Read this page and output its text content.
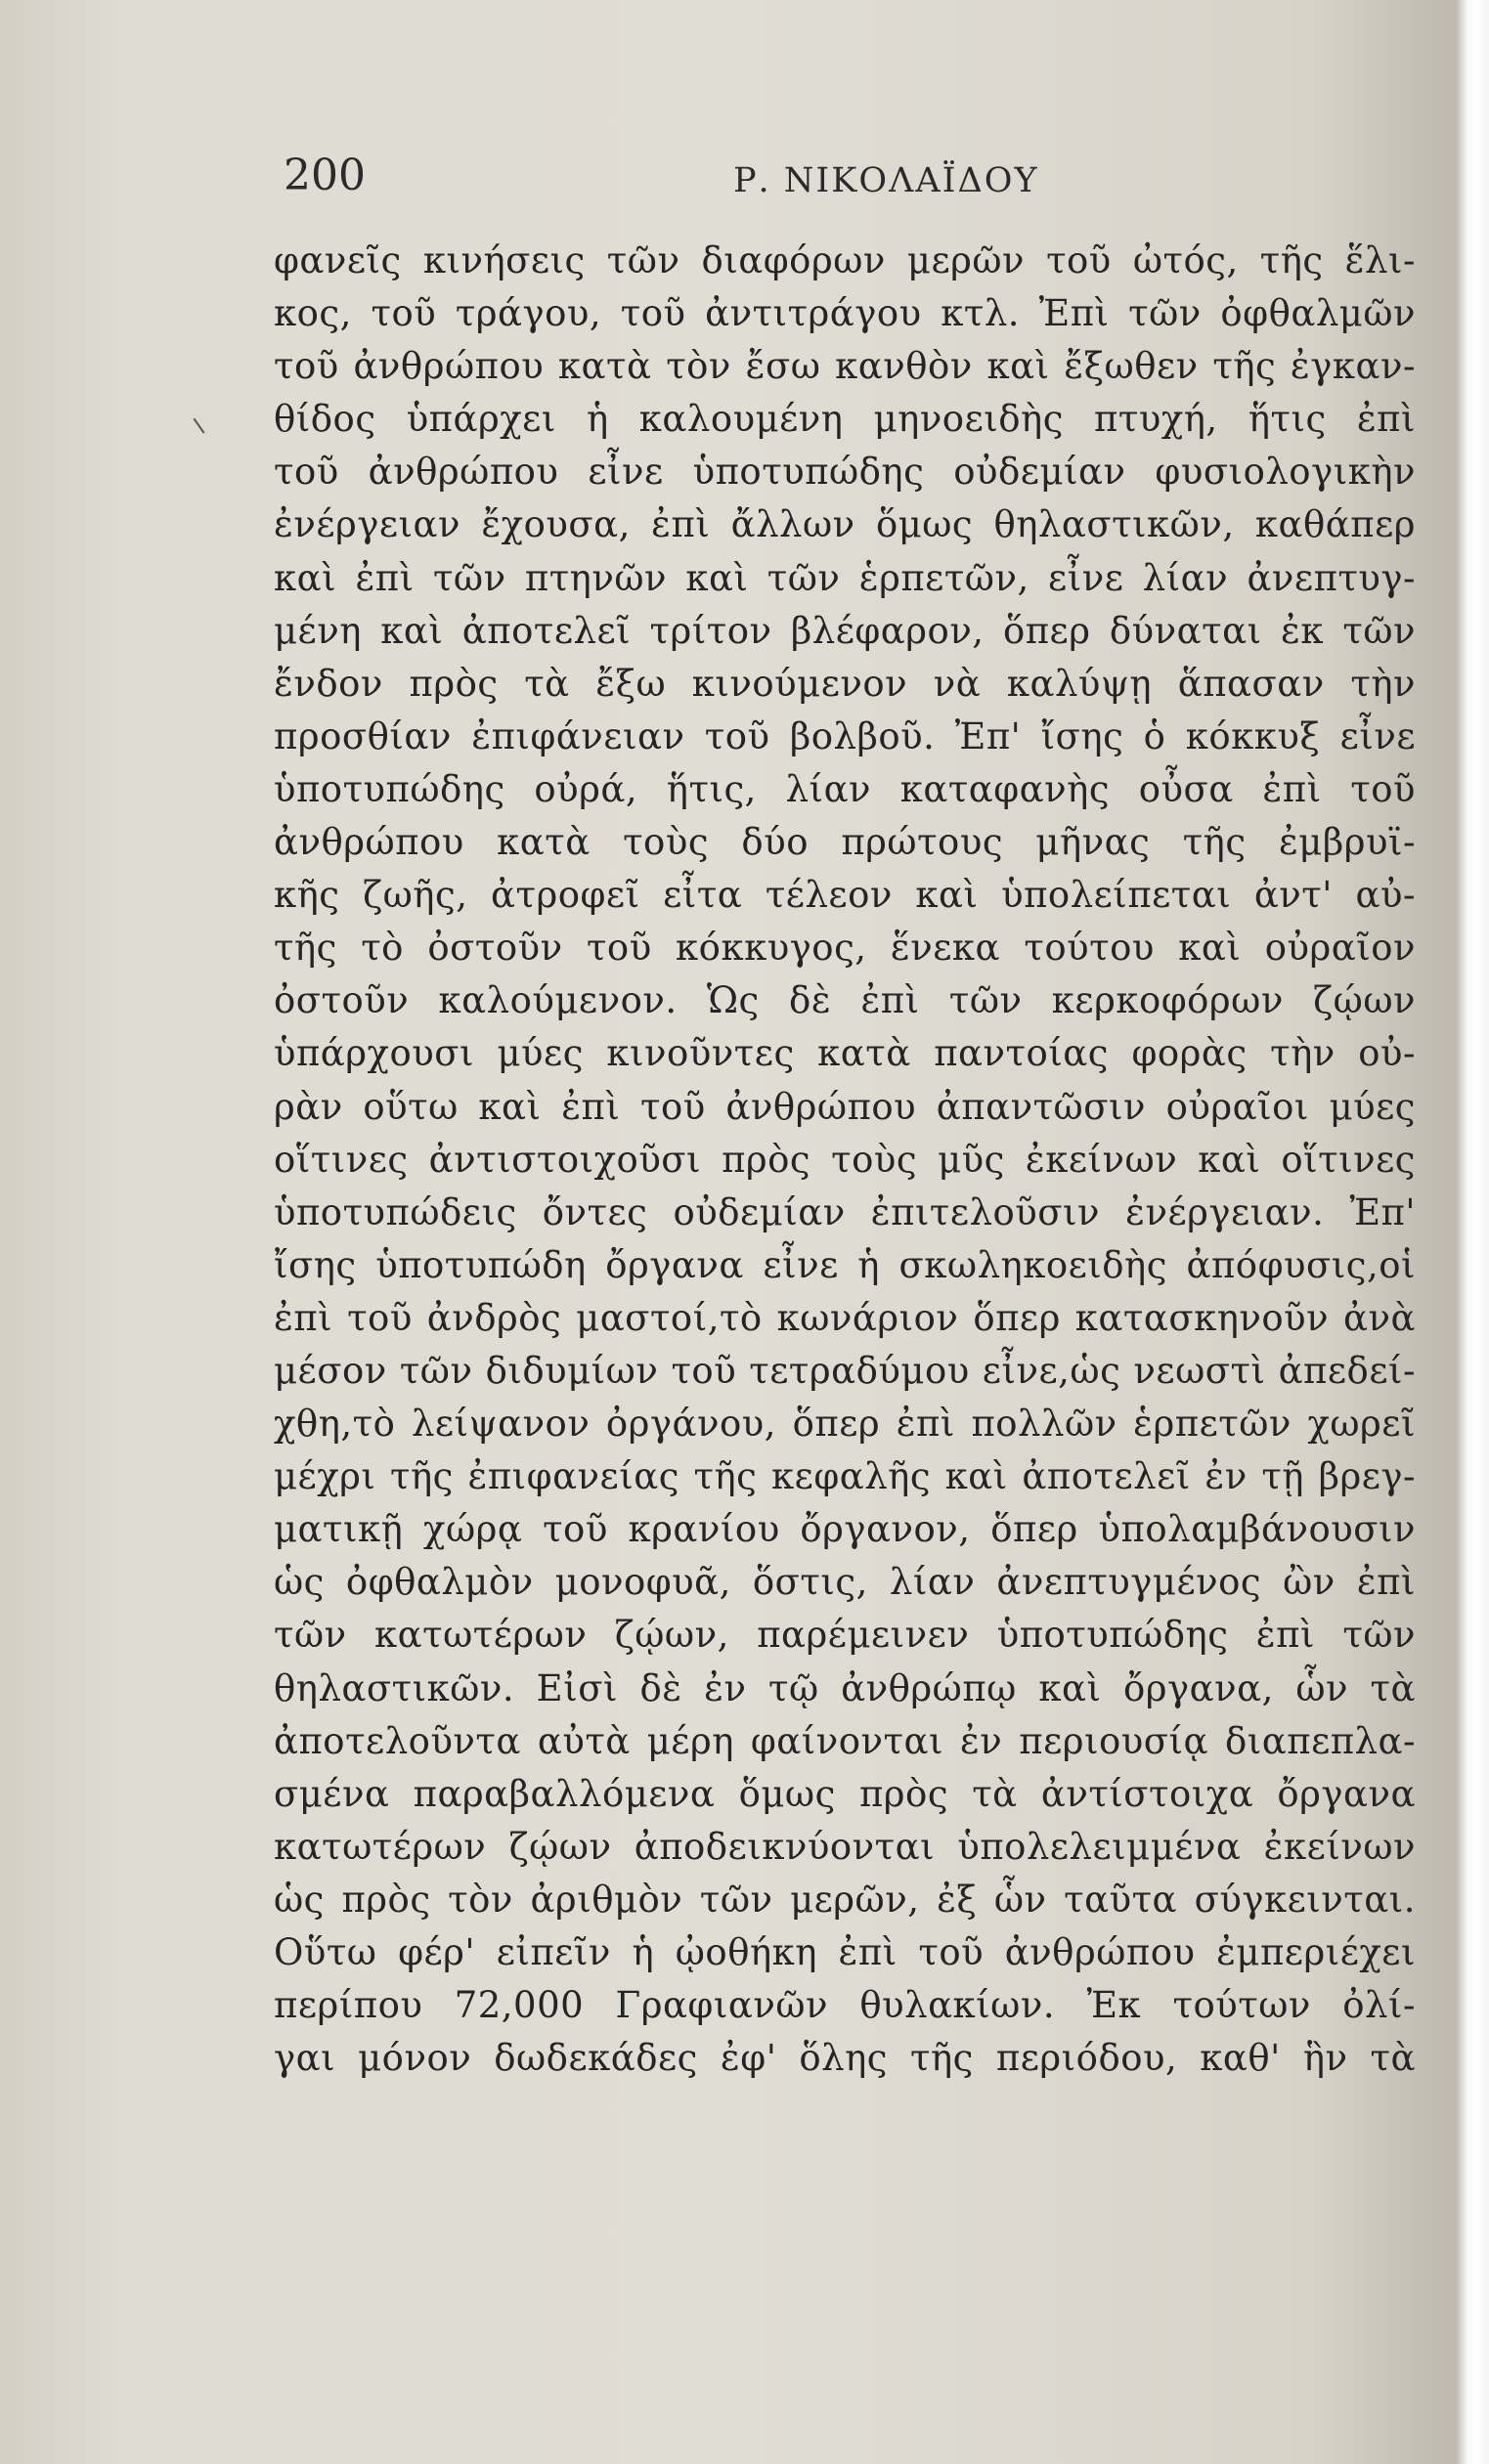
200	Ρ. ΝΙΚΟΛΑΪΔΟΥ
φανεῖς κινήσεις τῶν διαφόρων μερῶν τοῦ ὠτός, τῆς ἕλι-
κος, τοῦ τράγου, τοῦ ἀντιτράγου κτλ. Ἐπὶ τῶν ὀφθαλμῶν
τοῦ ἀνθρώπου κατὰ τὸν ἔσω κανθὸν καὶ ἔξωθεν τῆς ἐγκαν-
θίδος ὑπάρχει ἡ καλουμένη μηνοειδὴς πτυχή, ἥτις ἐπὶ
τοῦ ἀνθρώπου εἶνε ὑποτυπώδης οὐδεμίαν φυσιολογικὴν
ἐνέργειαν ἔχουσα, ἐπὶ ἄλλων ὅμως θηλαστικῶν, καθάπερ
καὶ ἐπὶ τῶν πτηνῶν καὶ τῶν ἑρπετῶν, εἶνε λίαν ἀνεπτυγ-
μένη καὶ ἀποτελεῖ τρίτον βλέφαρον, ὅπερ δύναται ἐκ τῶν
ἔνδον πρὸς τὰ ἔξω κινούμενον νὰ καλύψῃ ἅπασαν τὴν
προσθίαν ἐπιφάνειαν τοῦ βολβοῦ. Ἐπ' ἴσης ὁ κόκκυξ εἶνε
ὑποτυπώδης οὐρά, ἥτις, λίαν καταφανὴς οὖσα ἐπὶ τοῦ
ἀνθρώπου κατὰ τοὺς δύο πρώτους μῆνας τῆς ἐμβρυϊ-
κῆς ζωῆς, ἀτροφεῖ εἶτα τέλεον καὶ ὑπολείπεται ἀντ' αὐ-
τῆς τὸ ὀστοῦν τοῦ κόκκυγος, ἕνεκα τούτου καὶ οὐραῖον
ὀστοῦν καλούμενον. Ὡς δὲ ἐπὶ τῶν κερκοφόρων ζῴων
ὑπάρχουσι μύες κινοῦντες κατὰ παντοίας φορὰς τὴν οὐ-
ρὰν οὕτω καὶ ἐπὶ τοῦ ἀνθρώπου ἀπαντῶσιν οὐραῖοι μύες
οἵτινες ἀντιστοιχοῦσι πρὸς τοὺς μῦς ἐκείνων καὶ οἵτινες
ὑποτυπώδεις ὄντες οὐδεμίαν ἐπιτελοῦσιν ἐνέργειαν. Ἐπ'
ἴσης ὑποτυπώδη ὄργανα εἶνε ἡ σκωληκοειδὴς ἀπόφυσις,οἱ
ἐπὶ τοῦ ἀνδρὸς μαστοί,τὸ κωνάριον ὅπερ κατασκηνοῦν ἀνὰ
μέσον τῶν διδυμίων τοῦ τετραδύμου εἶνε,ὡς νεωστὶ ἀπεδεί-
χθη,τὸ λείψανον ὀργάνου, ὅπερ ἐπὶ πολλῶν ἑρπετῶν χωρεῖ
μέχρι τῆς ἐπιφανείας τῆς κεφαλῆς καὶ ἀποτελεῖ ἐν τῇ βρεγ-
ματικῇ χώρᾳ τοῦ κρανίου ὄργανον, ὅπερ ὑπολαμβάνουσιν
ὡς ὀφθαλμὸν μονοφυᾶ, ὅστις, λίαν ἀνεπτυγμένος ὢν ἐπὶ
τῶν κατωτέρων ζῴων, παρέμεινεν ὑποτυπώδης ἐπὶ τῶν
θηλαστικῶν. Εἰσὶ δὲ ἐν τῷ ἀνθρώπῳ καὶ ὄργανα, ὧν τὰ
ἀποτελοῦντα αὐτὰ μέρη φαίνονται ἐν περιουσίᾳ διαπεπλα-
σμένα παραβαλλόμενα ὅμως πρὸς τὰ ἀντίστοιχα ὄργανα
κατωτέρων ζῴων ἀποδεικνύονται ὑπολελειμμένα ἐκείνων
ὡς πρὸς τὸν ἀριθμὸν τῶν μερῶν, ἐξ ὧν ταῦτα σύγκεινται.
Οὕτω φέρ' εἰπεῖν ἡ ᾠοθήκη ἐπὶ τοῦ ἀνθρώπου ἐμπεριέχει
περίπου 72,000 Γραφιανῶν θυλακίων. Ἐκ τούτων ὀλί-
γαι μόνον δωδεκάδες ἐφ' ὅλης τῆς περιόδου, καθ' ἣν τὰ
